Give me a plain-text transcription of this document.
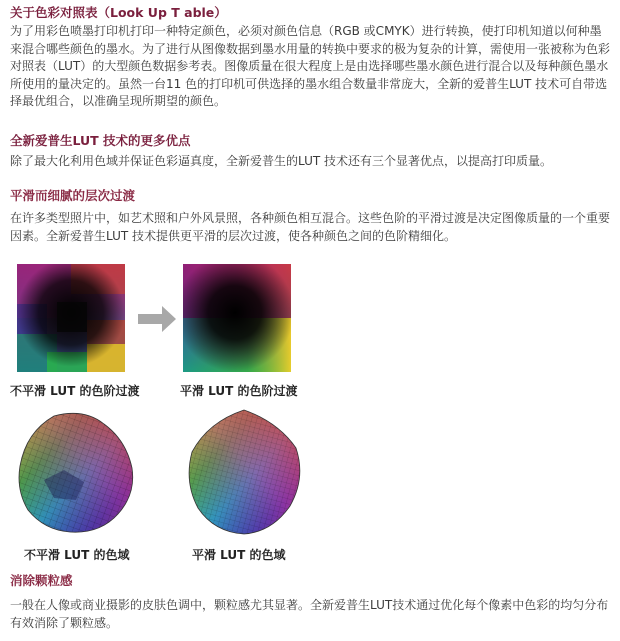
关于色彩对照表（Look Up T able）

为了用彩色喷墨打印机打印一种特定颜色，必须对颜色信息（RGB 或CMYK）进行转换，使打印机知道以何种墨来混合哪些颜色的墨水。为了进行从图像数据到墨水用量的转换中要求的极为复杂的计算，需使用一张被称为色彩对照表（LUT）的大型颜色数据参考表。图像质量在很大程度上是由选择哪些墨水颜色进行混合以及每种颜色墨水所使用的量决定的。虽然一台11 色的打印机可供选择的墨水组合数量非常庞大，全新的爱普生LUT 技术可自带选择最优组合，以准确呈现所期望的颜色。

全新爱普生LUT 技术的更多优点

除了最大化利用色域并保证色彩逼真度，全新爱普生的LUT 技术还有三个显著优点，以提高打印质量。

平滑而细腻的层次过渡

在许多类型照片中，如艺术照和户外风景照，各种颜色相互混合。这些色阶的平滑过渡是决定图像质量的一个重要因素。全新爱普生LUT 技术提供更平滑的层次过渡，使各种颜色之间的色阶精细化。

不平滑 LUT 的色阶过渡	平滑 LUT 的色阶过渡
不平滑 LUT 的色域	平滑 LUT 的色域
消除颗粒感

一般在人像或商业摄影的皮肤色调中，颗粒感尤其显著。全新爱普生LUT技术通过优化每个像素中色彩的均匀分布有效消除了颗粒感。
